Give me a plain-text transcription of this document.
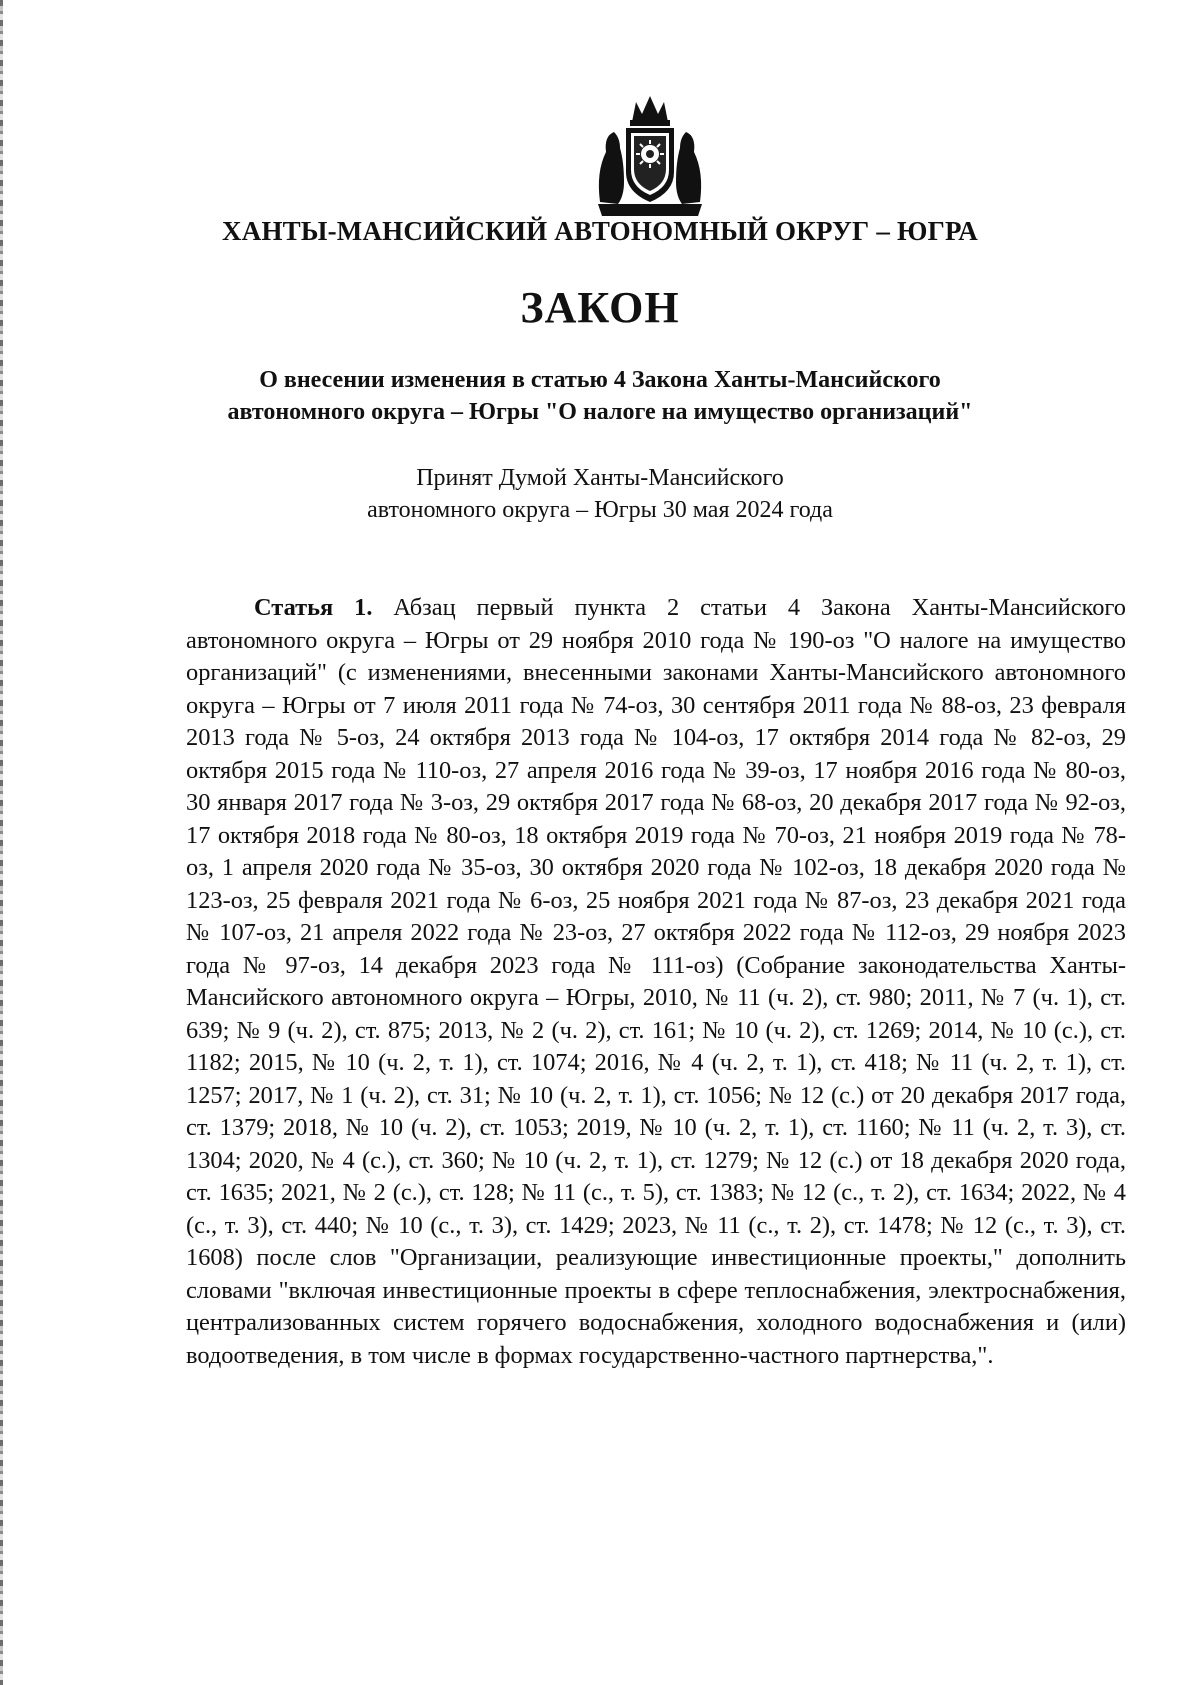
ХАНТЫ-МАНСИЙСКИЙ АВТОНОМНЫЙ ОКРУГ – ЮГРА
ЗАКОН
О внесении изменения в статью 4 Закона Ханты-Мансийского
автономного округа – Югры "О налоге на имущество организаций"
Принят Думой Ханты-Мансийского
автономного округа – Югры 30 мая 2024 года
Статья 1. Абзац первый пункта 2 статьи 4 Закона Ханты-Мансийского автономного округа – Югры от 29 ноября 2010 года № 190-оз "О налоге на имущество организаций" (с изменениями, внесенными законами Ханты-Мансийского автономного округа – Югры от 7 июля 2011 года № 74-оз, 30 сентября 2011 года № 88-оз, 23 февраля 2013 года № 5-оз, 24 октября 2013 года № 104-оз, 17 октября 2014 года № 82-оз, 29 октября 2015 года № 110-оз, 27 апреля 2016 года № 39-оз, 17 ноября 2016 года № 80-оз, 30 января 2017 года № 3-оз, 29 октября 2017 года № 68-оз, 20 декабря 2017 года № 92-оз, 17 октября 2018 года № 80-оз, 18 октября 2019 года № 70-оз, 21 ноября 2019 года № 78-оз, 1 апреля 2020 года № 35-оз, 30 октября 2020 года № 102-оз, 18 декабря 2020 года № 123-оз, 25 февраля 2021 года № 6-оз, 25 ноября 2021 года № 87-оз, 23 декабря 2021 года № 107-оз, 21 апреля 2022 года № 23-оз, 27 октября 2022 года № 112-оз, 29 ноября 2023 года № 97-оз, 14 декабря 2023 года № 111-оз) (Собрание законодательства Ханты-Мансийского автономного округа – Югры, 2010, № 11 (ч. 2), ст. 980; 2011, № 7 (ч. 1), ст. 639; № 9 (ч. 2), ст. 875; 2013, № 2 (ч. 2), ст. 161; № 10 (ч. 2), ст. 1269; 2014, № 10 (с.), ст. 1182; 2015, № 10 (ч. 2, т. 1), ст. 1074; 2016, № 4 (ч. 2, т. 1), ст. 418; № 11 (ч. 2, т. 1), ст. 1257; 2017, № 1 (ч. 2), ст. 31; № 10 (ч. 2, т. 1), ст. 1056; № 12 (с.) от 20 декабря 2017 года, ст. 1379; 2018, № 10 (ч. 2), ст. 1053; 2019, № 10 (ч. 2, т. 1), ст. 1160; № 11 (ч. 2, т. 3), ст. 1304; 2020, № 4 (с.), ст. 360; № 10 (ч. 2, т. 1), ст. 1279; № 12 (с.) от 18 декабря 2020 года, ст. 1635; 2021, № 2 (с.), ст. 128; № 11 (с., т. 5), ст. 1383; № 12 (с., т. 2), ст. 1634; 2022, № 4 (с., т. 3), ст. 440; № 10 (с., т. 3), ст. 1429; 2023, № 11 (с., т. 2), ст. 1478; № 12 (с., т. 3), ст. 1608) после слов "Организации, реализующие инвестиционные проекты," дополнить словами "включая инвестиционные проекты в сфере теплоснабжения, электроснабжения, централизованных систем горячего водоснабжения, холодного водоснабжения и (или) водоотведения, в том числе в формах государственно-частного партнерства,".
